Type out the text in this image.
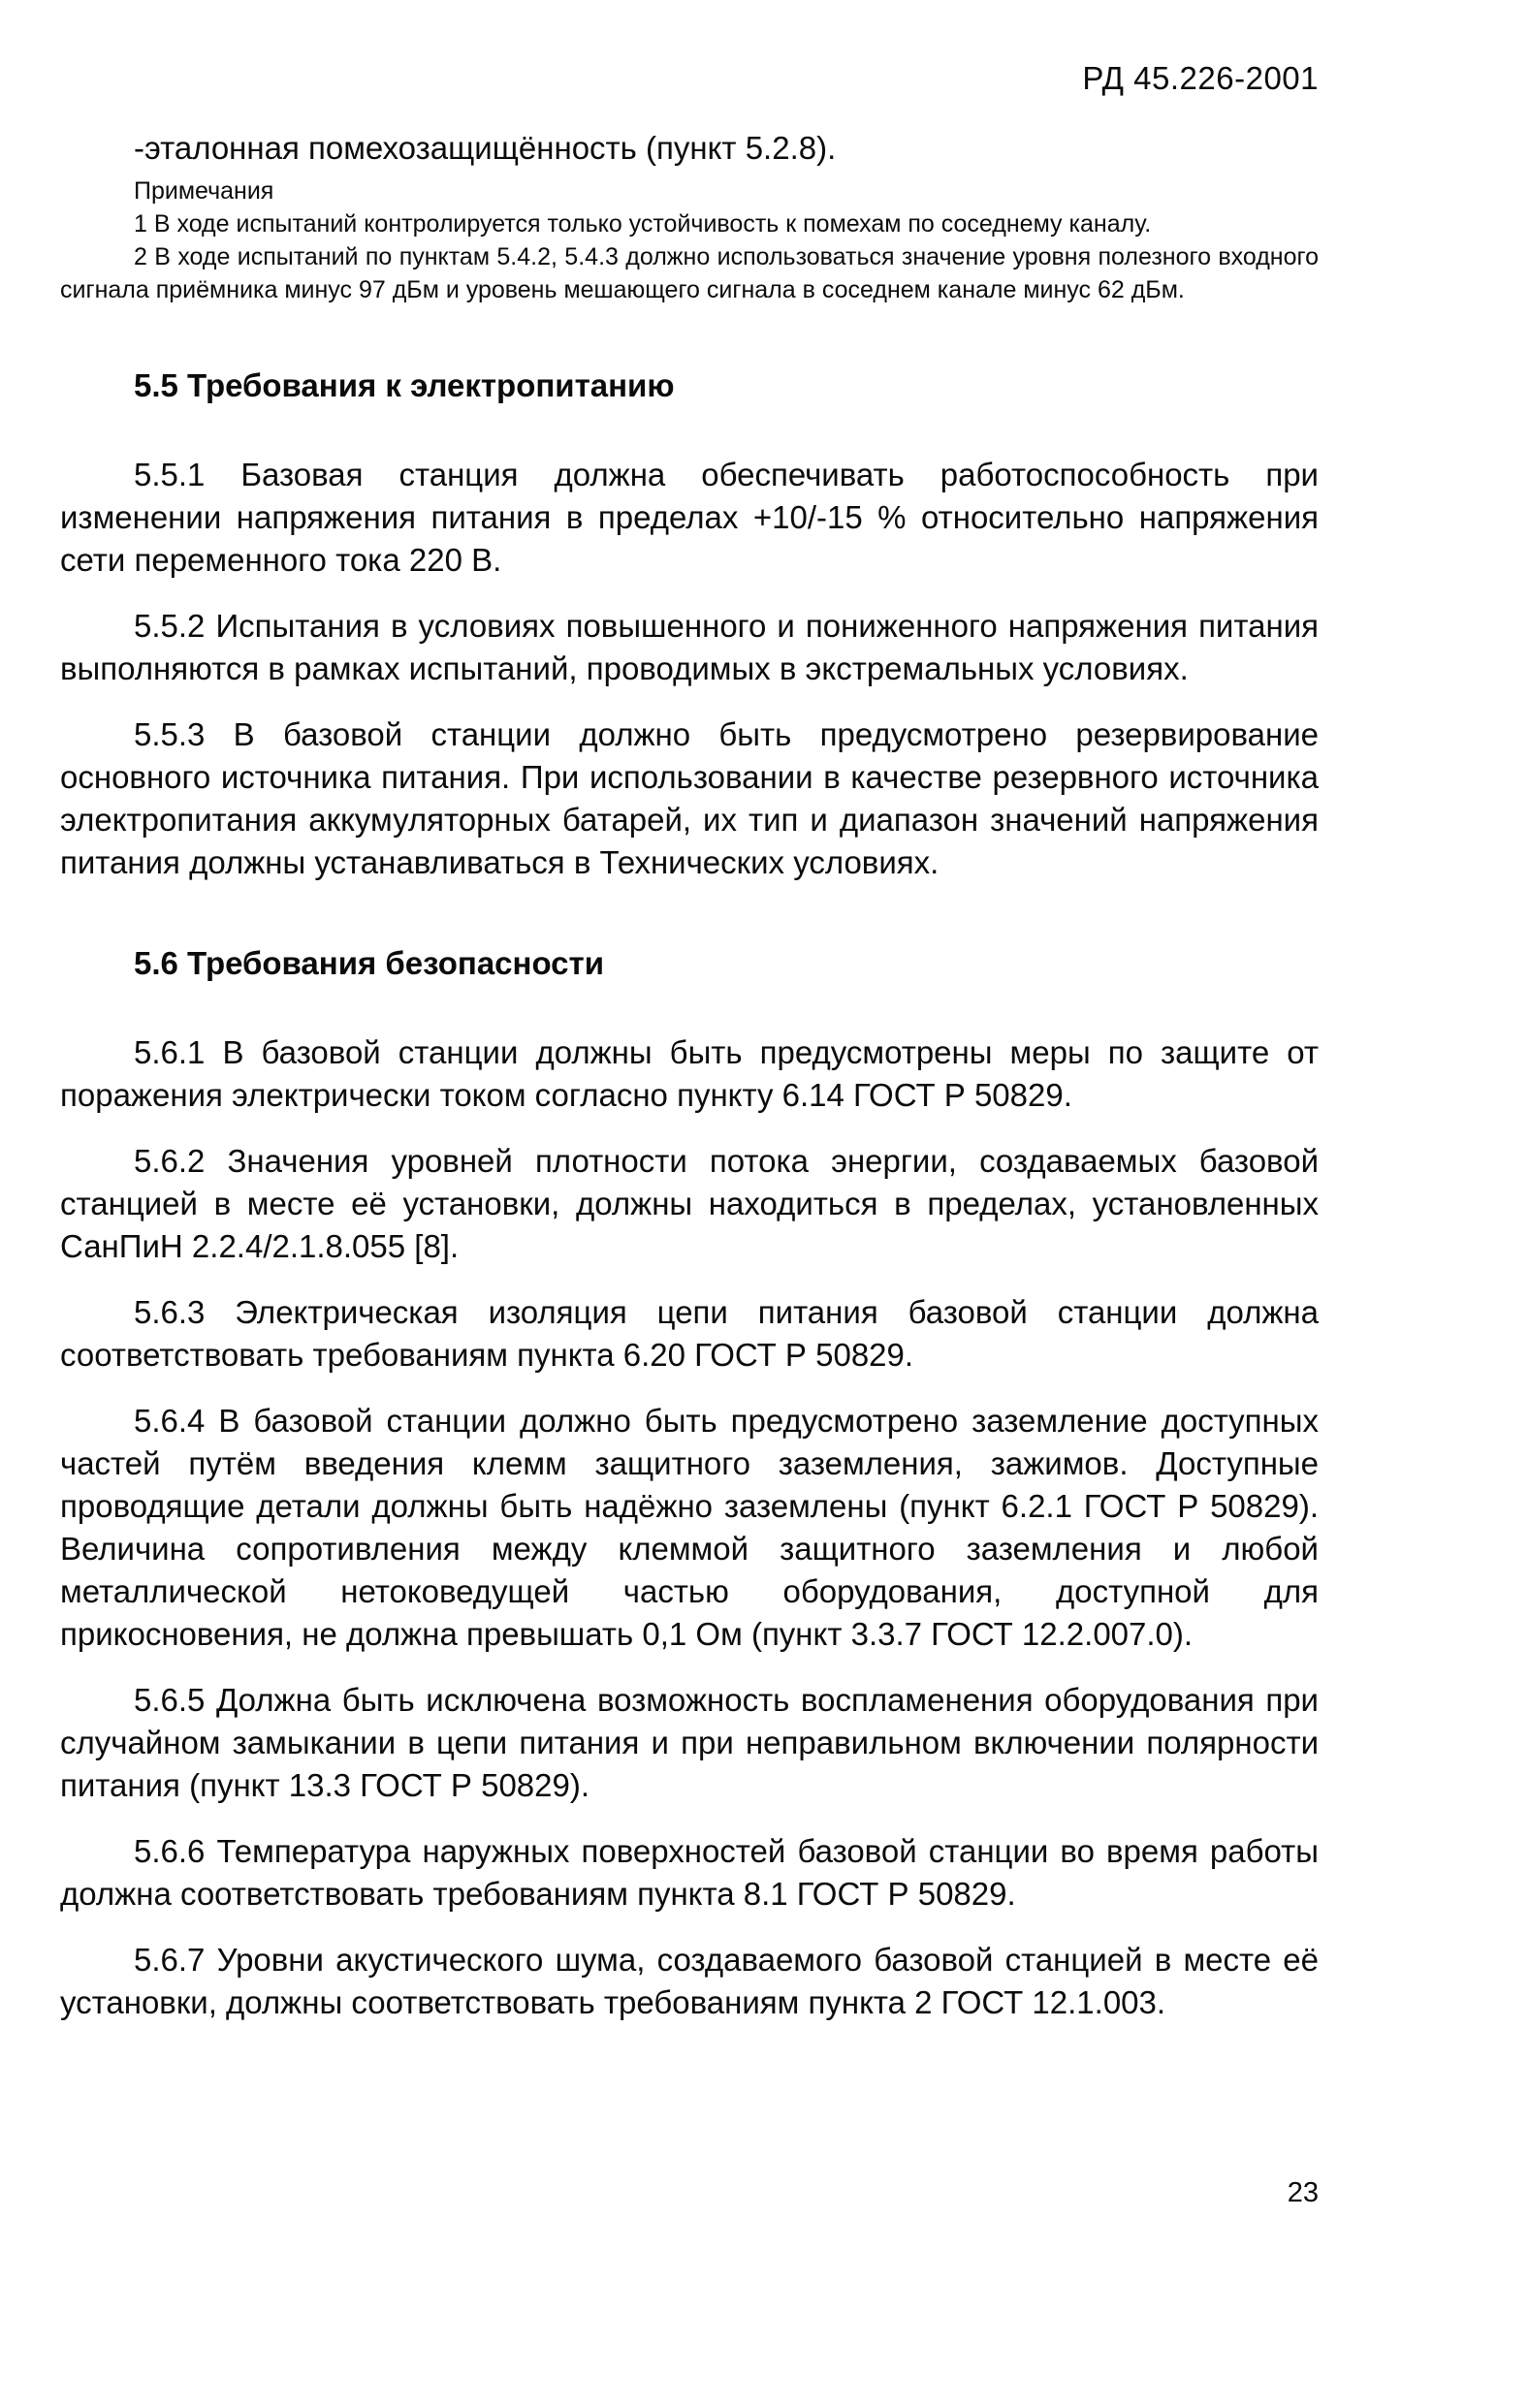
РД 45.226-2001

-эталонная помехозащищённость (пункт 5.2.8).

Примечания

1 В ходе испытаний контролируется только устойчивость к помехам по соседнему каналу.

2 В ходе испытаний по пунктам 5.4.2, 5.4.3 должно использоваться значение уровня полезного входного сигнала приёмника минус 97 дБм и уровень мешающего сигнала в соседнем канале минус 62 дБм.

5.5 Требования к электропитанию

5.5.1 Базовая станция должна обеспечивать работоспособность при изменении напряжения питания в пределах +10/-15 % относительно напряжения сети переменного тока 220 В.

5.5.2 Испытания в условиях повышенного и пониженного напряжения питания выполняются в рамках испытаний, проводимых в экстремальных условиях.

5.5.3 В базовой станции должно быть предусмотрено резервирование основного источника питания. При использовании в качестве резервного источника электропитания аккумуляторных батарей, их тип и диапазон значений напряжения питания должны устанавливаться в Технических условиях.

5.6 Требования безопасности

5.6.1 В базовой станции должны быть предусмотрены меры по защите от поражения электрически током согласно пункту 6.14 ГОСТ Р 50829.

5.6.2 Значения уровней плотности потока энергии, создаваемых базовой станцией в месте её установки, должны находиться в пределах, установленных СанПиН 2.2.4/2.1.8.055 [8].

5.6.3 Электрическая изоляция цепи питания базовой станции должна соответствовать требованиям пункта 6.20 ГОСТ Р 50829.

5.6.4 В базовой станции должно быть предусмотрено заземление доступных частей путём введения клемм защитного заземления, зажимов. Доступные проводящие детали должны быть надёжно заземлены (пункт 6.2.1 ГОСТ Р 50829). Величина сопротивления между клеммой защитного заземления и любой металлической нетоковедущей частью оборудования, доступной для прикосновения, не должна превышать 0,1 Ом (пункт 3.3.7 ГОСТ 12.2.007.0).

5.6.5 Должна быть исключена возможность воспламенения оборудования при случайном замыкании в цепи питания и при неправильном включении полярности питания (пункт 13.3 ГОСТ Р 50829).

5.6.6 Температура наружных поверхностей базовой станции во время работы должна соответствовать требованиям пункта 8.1 ГОСТ Р 50829.

5.6.7 Уровни акустического шума, создаваемого базовой станцией в месте её установки, должны соответствовать требованиям пункта 2 ГОСТ 12.1.003.

23
